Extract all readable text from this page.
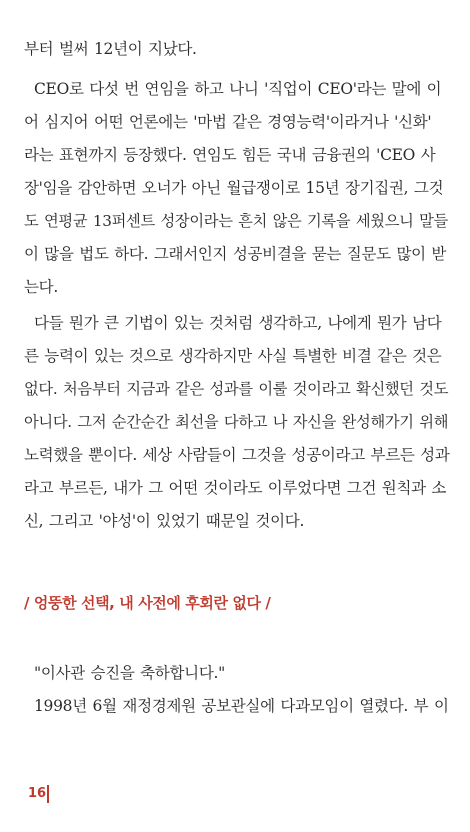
부터 벌써 12년이 지났다.
CEO로 다섯 번 연임을 하고 나니 '직업이 CEO'라는 말에 이
어 심지어 어떤 언론에는 '마법 같은 경영능력'이라거나 '신화'
라는 표현까지 등장했다. 연임도 힘든 국내 금융권의 'CEO 사
장'임을 감안하면 오너가 아닌 월급쟁이로 15년 장기집권, 그것
도 연평균 13퍼센트 성장이라는 흔치 않은 기록을 세웠으니 말들
이 많을 법도 하다. 그래서인지 성공비결을 묻는 질문도 많이 받
는다.
다들 뭔가 큰 기법이 있는 것처럼 생각하고, 나에게 뭔가 남다
른 능력이 있는 것으로 생각하지만 사실 특별한 비결 같은 것은
없다. 처음부터 지금과 같은 성과를 이룰 것이라고 확신했던 것도
아니다. 그저 순간순간 최선을 다하고 나 자신을 완성해가기 위해
노력했을 뿐이다. 세상 사람들이 그것을 성공이라고 부르든 성과
라고 부르든, 내가 그 어떤 것이라도 이루었다면 그건 원칙과 소
신, 그리고 '야성'이 있었기 때문일 것이다.
/ 엉뚱한 선택, 내 사전에 후회란 없다 /
"이사관 승진을 축하합니다."
1998년 6월 재정경제원 공보관실에 다과모임이 열렸다. 부 이
16
